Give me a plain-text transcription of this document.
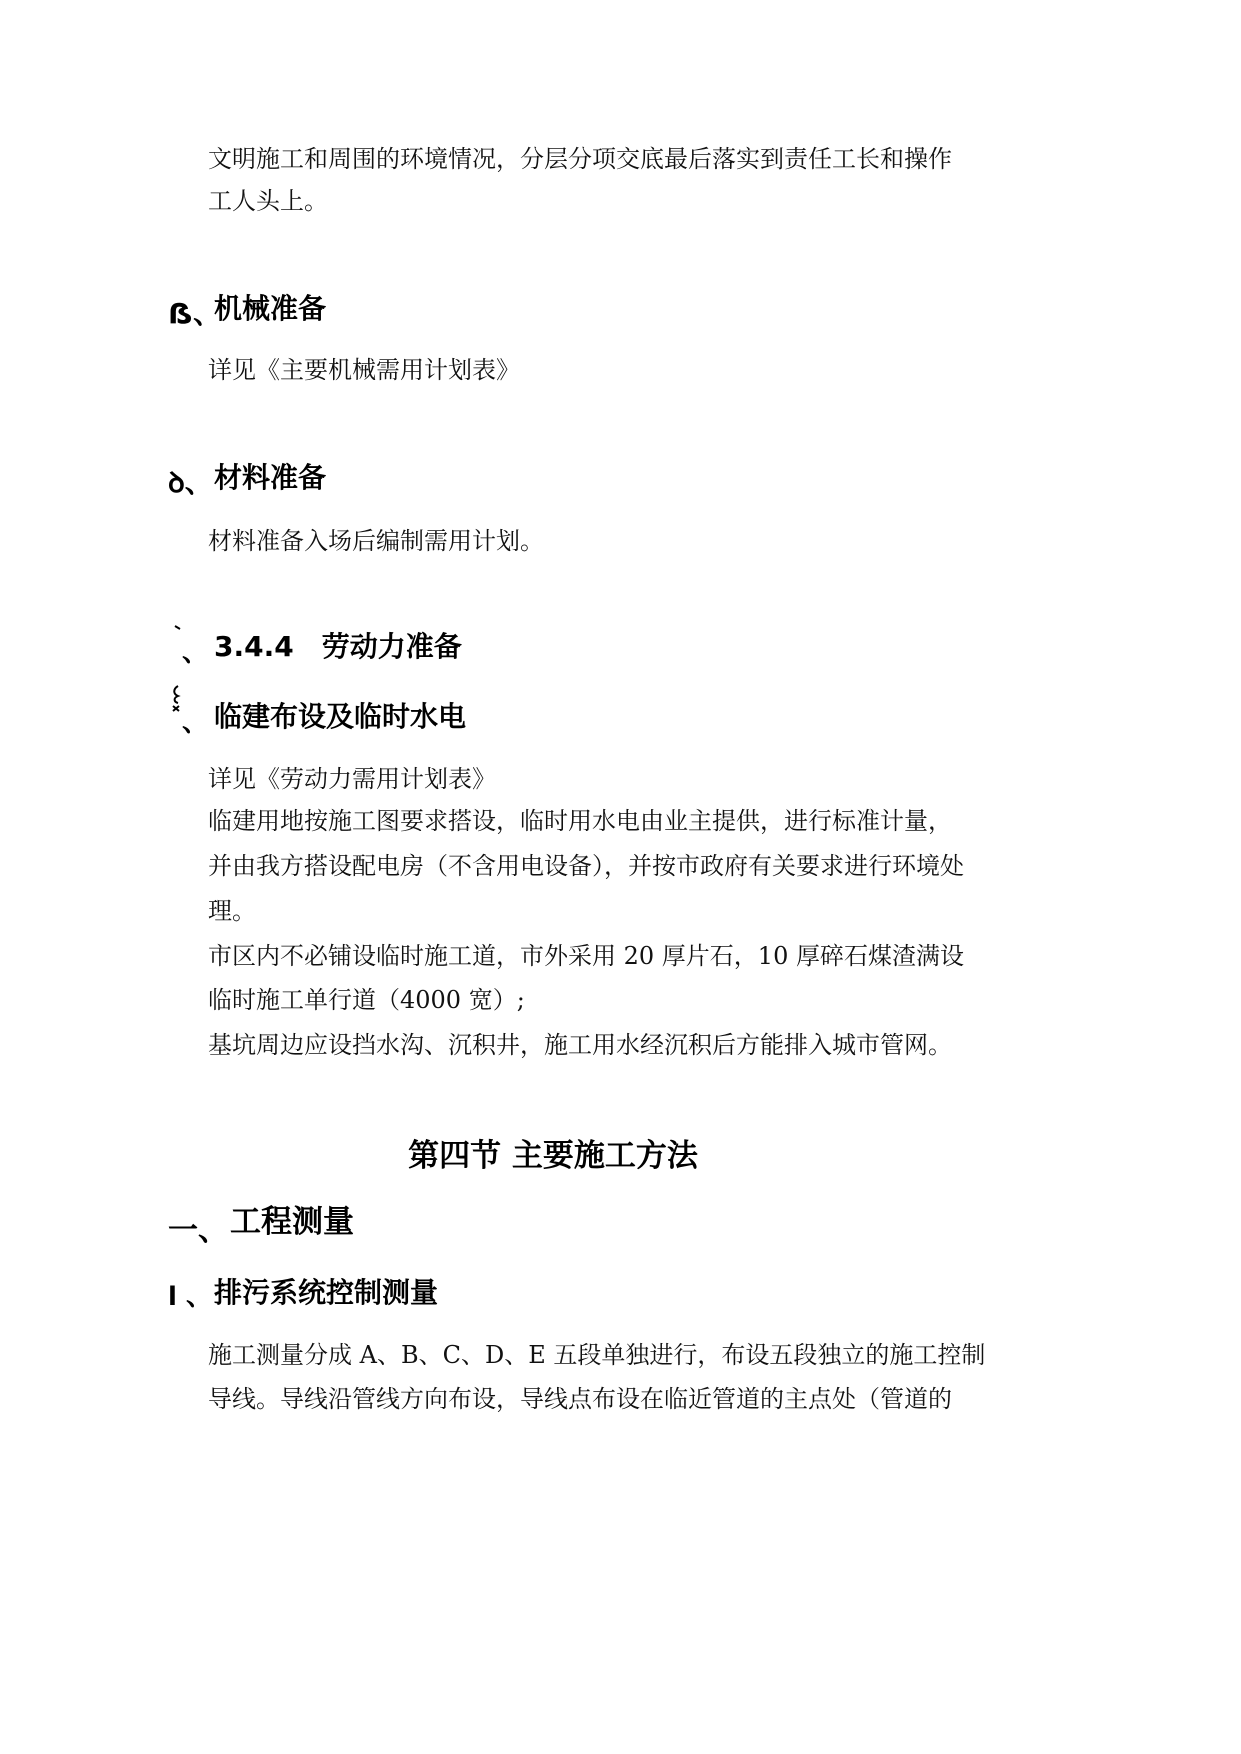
文明施工和周围的环境情况，分层分项交底最后落实到责任工长和操作
工人头上。
ẞ、
机械准备
详见《主要机械需用计划表》
ꝺ、 材料准备
材料准备入场后编制需用计划。
、 3.4.4　劳动力准备
、 临建布设及临时水电
详见《劳动力需用计划表》
临建用地按施工图要求搭设，临时用水电由业主提供，进行标准计量，
并由我方搭设配电房（不含用电设备），并按市政府有关要求进行环境处
理。
市区内不必铺设临时施工道，市外采用 20 厚片石，10 厚碎石煤渣满设
临时施工单行道（4000 宽）;
基坑周边应设挡水沟、沉积井，施工用水经沉积后方能排入城市管网。
第四节 主要施工方法
一、 工程测量
l 、 排污系统控制测量
施工测量分成 A、B、C、D、E 五段单独进行，布设五段独立的施工控制
导线。导线沿管线方向布设，导线点布设在临近管道的主点处（管道的
